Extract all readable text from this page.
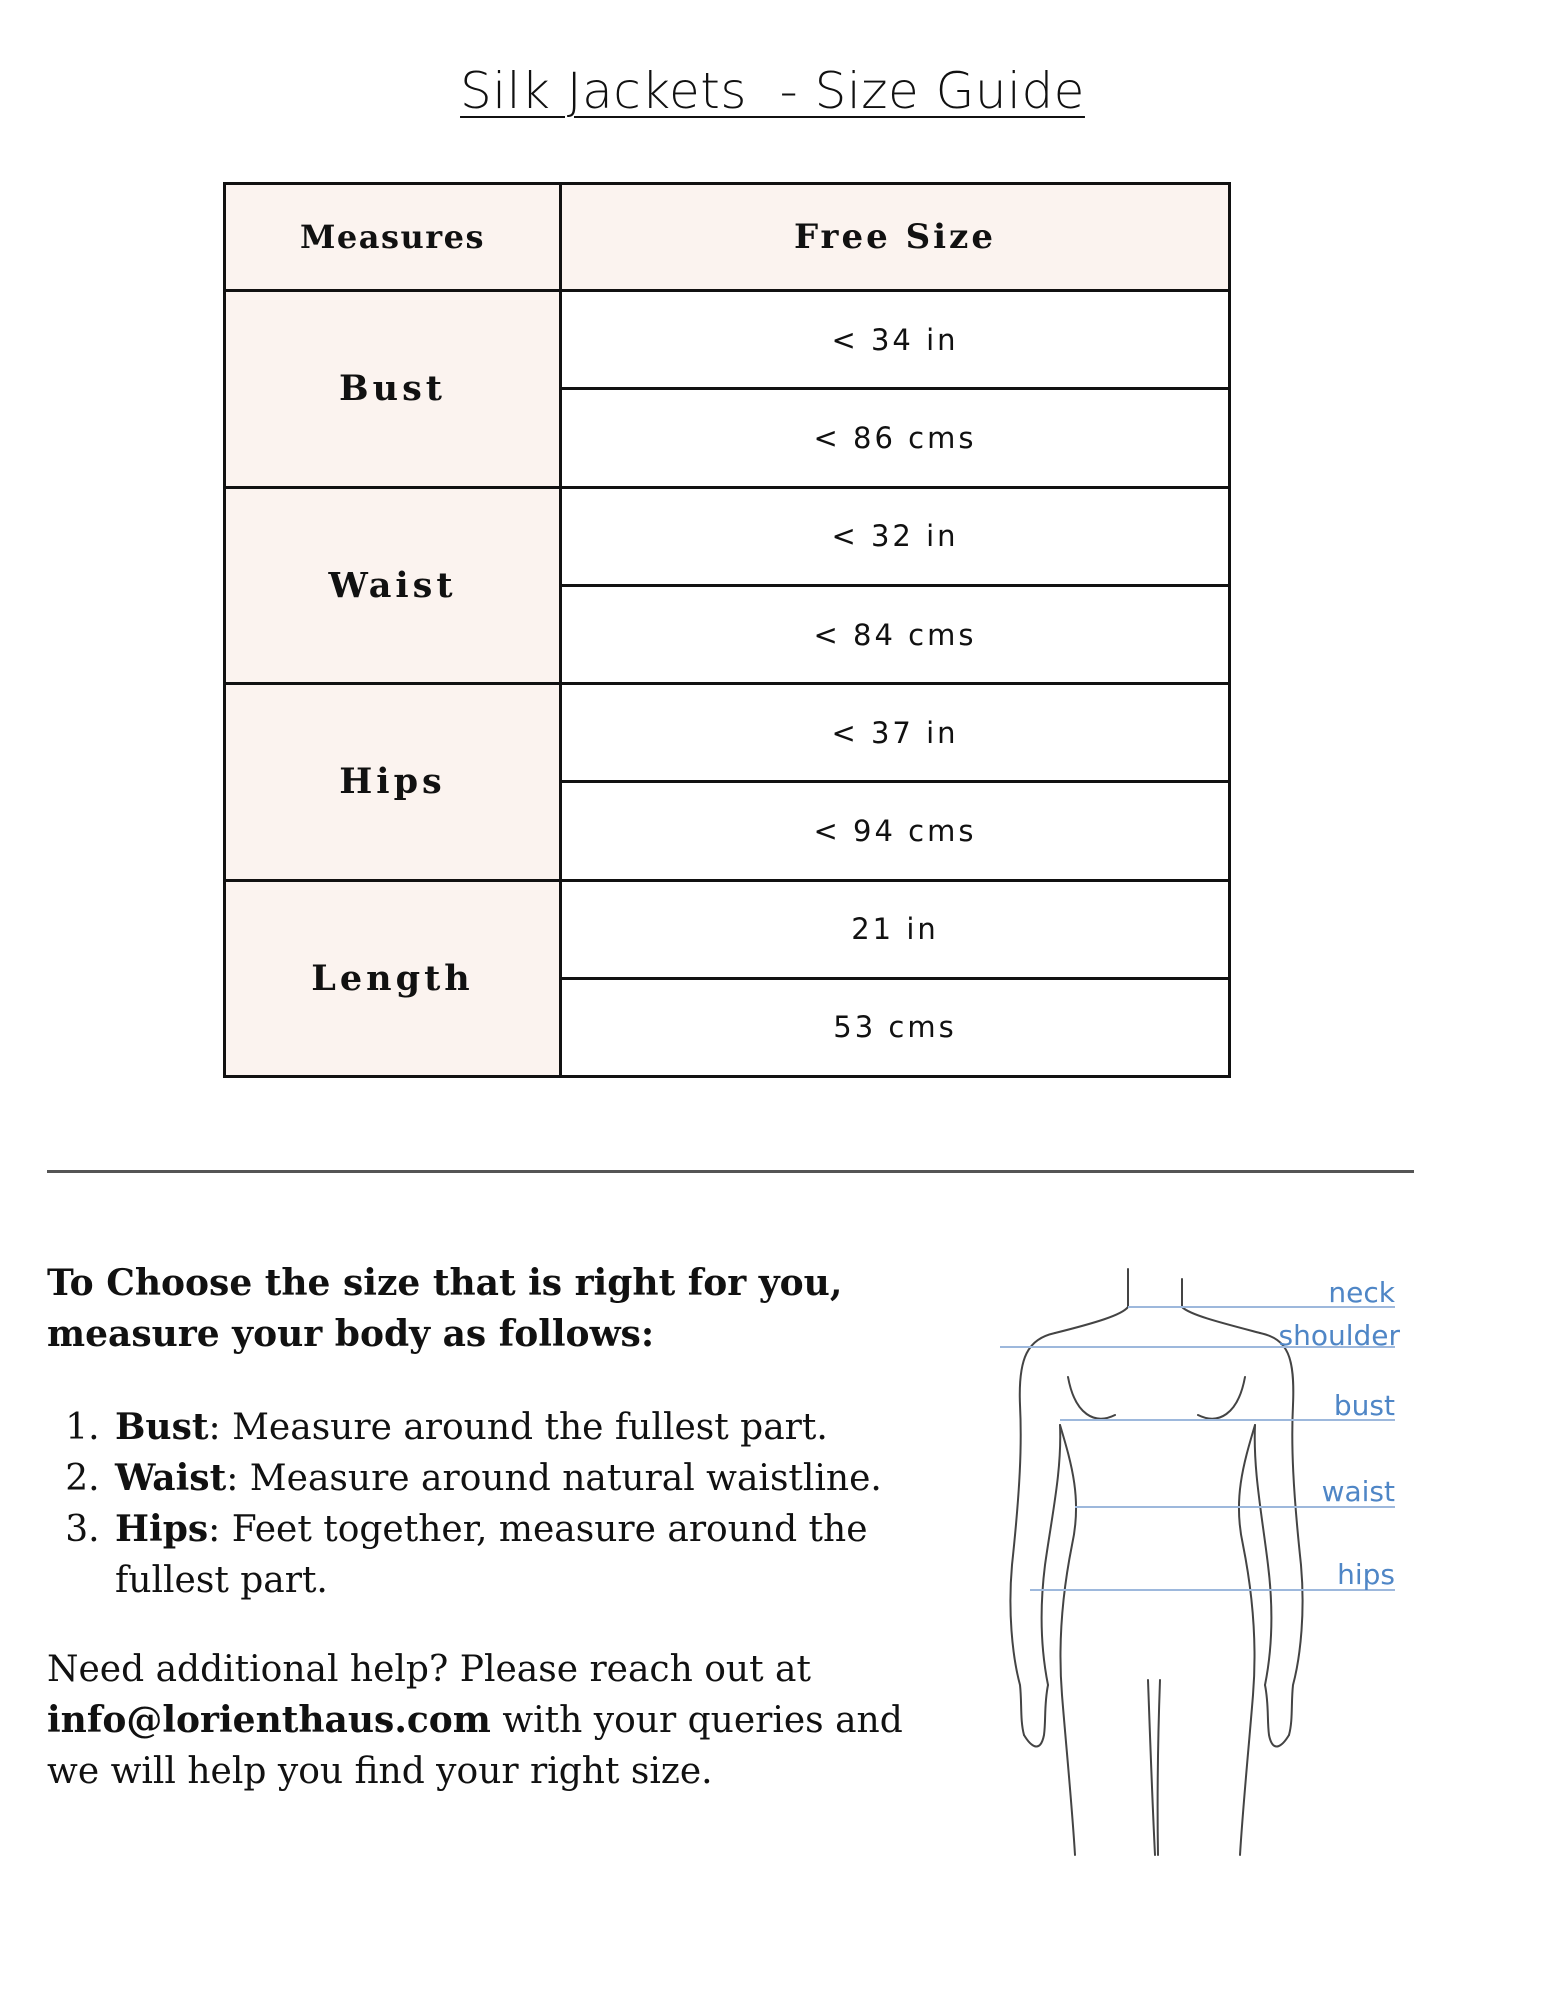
Silk Jackets  - Size Guide
Measures	Free Size
Bust	< 34 in
	< 86 cms
Waist	< 32 in
	< 84 cms
Hips	< 37 in
	< 94 cms
Length	21 in
	53 cms

To Choose the size that is right for you, measure your body as follows:

1. Bust: Measure around the fullest part.
2. Waist: Measure around natural waistline.
3. Hips: Feet together, measure around the fullest part.

Need additional help? Please reach out at info@lorienthaus.com with your queries and we will help you find your right size.

neck
shoulder
bust
waist
hips
